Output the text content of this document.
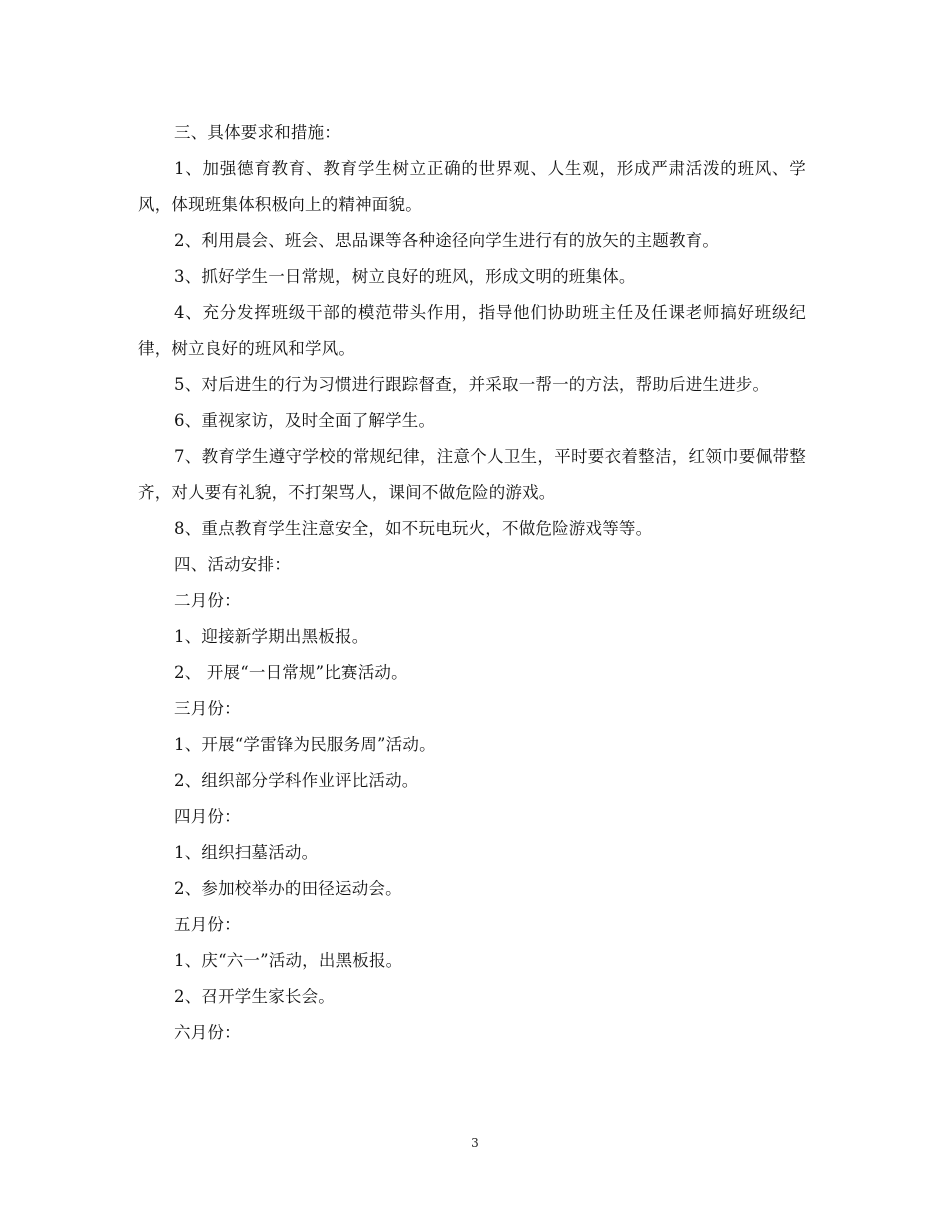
三、具体要求和措施：

1、加强德育教育、教育学生树立正确的世界观、人生观，形成严肃活泼的班风、学风，体现班集体积极向上的精神面貌。

2、利用晨会、班会、思品课等各种途径向学生进行有的放矢的主题教育。

3、抓好学生一日常规，树立良好的班风，形成文明的班集体。

4、充分发挥班级干部的模范带头作用，指导他们协助班主任及任课老师搞好班级纪律，树立良好的班风和学风。

5、对后进生的行为习惯进行跟踪督查，并采取一帮一的方法，帮助后进生进步。

6、重视家访，及时全面了解学生。

7、教育学生遵守学校的常规纪律，注意个人卫生，平时要衣着整洁，红领巾要佩带整齐，对人要有礼貌，不打架骂人，课间不做危险的游戏。

8、重点教育学生注意安全，如不玩电玩火，不做危险游戏等等。

四、活动安排：

二月份：

1、迎接新学期出黑板报。

2、 开展“一日常规”比赛活动。

三月份：

1、开展“学雷锋为民服务周”活动。

2、组织部分学科作业评比活动。

四月份：

1、组织扫墓活动。

2、参加校举办的田径运动会。

五月份：

1、庆“六一”活动，出黑板报。

2、召开学生家长会。

六月份：

3
